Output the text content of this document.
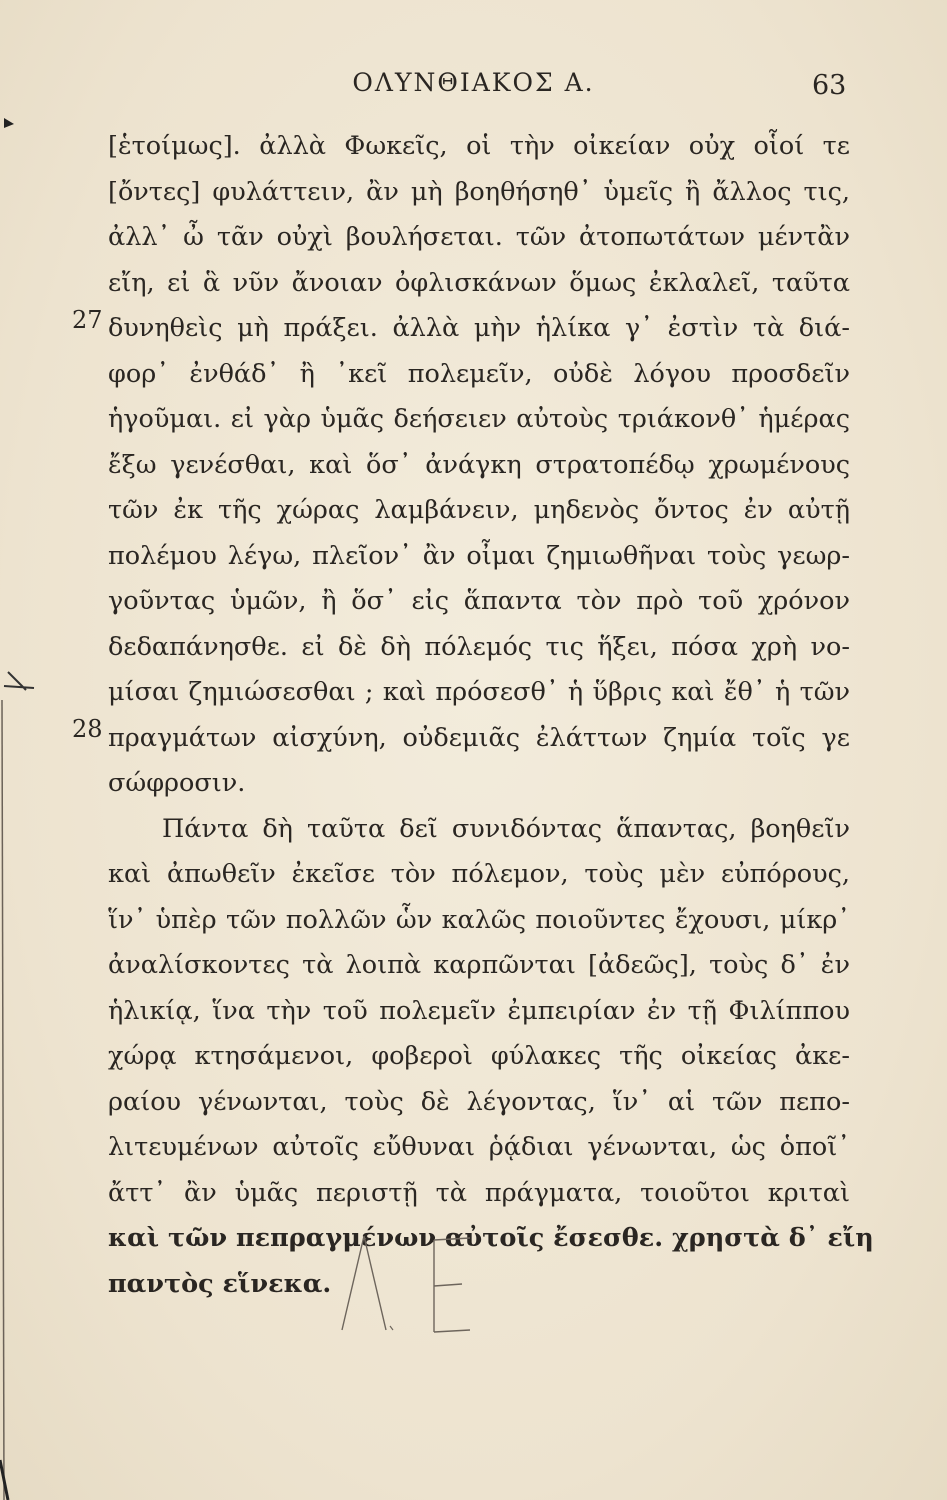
ΟΛΥΝΘΙΑΚΟΣ Α.	63
27
28
[ἑτοίμως]. ἀλλὰ Φωκεῖς, οἱ τὴν οἰκείαν οὐχ οἷοί τε
[ὄντες] φυλάττειν, ἂν μὴ βοηθήσηθ᾽ ὑμεῖς ἢ ἄλλος τις,
ἀλλ᾽ ὦ τᾶν οὐχὶ βουλήσεται. τῶν ἀτοπωτάτων μέντἂν
εἴη, εἰ ἃ νῦν ἄνοιαν ὀφλισκάνων ὅμως ἐκλαλεῖ, ταῦτα
δυνηθεὶς μὴ πράξει. ἀλλὰ μὴν ἡλίκα γ᾽ ἐστὶν τὰ διά-
φορ᾽ ἐνθάδ᾽ ἢ ᾽κεῖ πολεμεῖν, οὐδὲ λόγου προσδεῖν
ἡγοῦμαι. εἰ γὰρ ὑμᾶς δεήσειεν αὐτοὺς τριάκονθ᾽ ἡμέρας
ἔξω γενέσθαι, καὶ ὅσ᾽ ἀνάγκη στρατοπέδῳ χρωμένους
τῶν ἐκ τῆς χώρας λαμβάνειν, μηδενὸς ὄντος ἐν αὐτῇ
πολέμου λέγω, πλεῖον᾽ ἂν οἶμαι ζημιωθῆναι τοὺς γεωρ-
γοῦντας ὑμῶν, ἢ ὅσ᾽ εἰς ἅπαντα τὸν πρὸ τοῦ χρόνον
δεδαπάνησθε. εἰ δὲ δὴ πόλεμός τις ἥξει, πόσα χρὴ νο-
μίσαι ζημιώσεσθαι ; καὶ πρόσεσθ᾽ ἡ ὕβρις καὶ ἔθ᾽ ἡ τῶν
πραγμάτων αἰσχύνη, οὐδεμιᾶς ἐλάττων ζημία τοῖς γε
σώφροσιν.
Πάντα δὴ ταῦτα δεῖ συνιδόντας ἅπαντας, βοηθεῖν
καὶ ἀπωθεῖν ἐκεῖσε τὸν πόλεμον, τοὺς μὲν εὐπόρους,
ἵν᾽ ὑπὲρ τῶν πολλῶν ὧν καλῶς ποιοῦντες ἔχουσι, μίκρ᾽
ἀναλίσκοντες τὰ λοιπὰ καρπῶνται [ἀδεῶς], τοὺς δ᾽ ἐν
ἡλικίᾳ, ἵνα τὴν τοῦ πολεμεῖν ἐμπειρίαν ἐν τῇ Φιλίππου
χώρᾳ κτησάμενοι, φοβεροὶ φύλακες τῆς οἰκείας ἀκε-
ραίου γένωνται, τοὺς δὲ λέγοντας, ἵν᾽ αἱ τῶν πεπο-
λιτευμένων αὐτοῖς εὔθυναι ῥᾴδιαι γένωνται, ὡς ὁποῖ᾽
ἄττ᾽ ἂν ὑμᾶς περιστῇ τὰ πράγματα, τοιοῦτοι κριταὶ
καὶ τῶν πεπραγμένων αὐτοῖς ἔσεσθε. χρηστὰ δ᾽ εἴη
παντὸς εἵνεκα.
